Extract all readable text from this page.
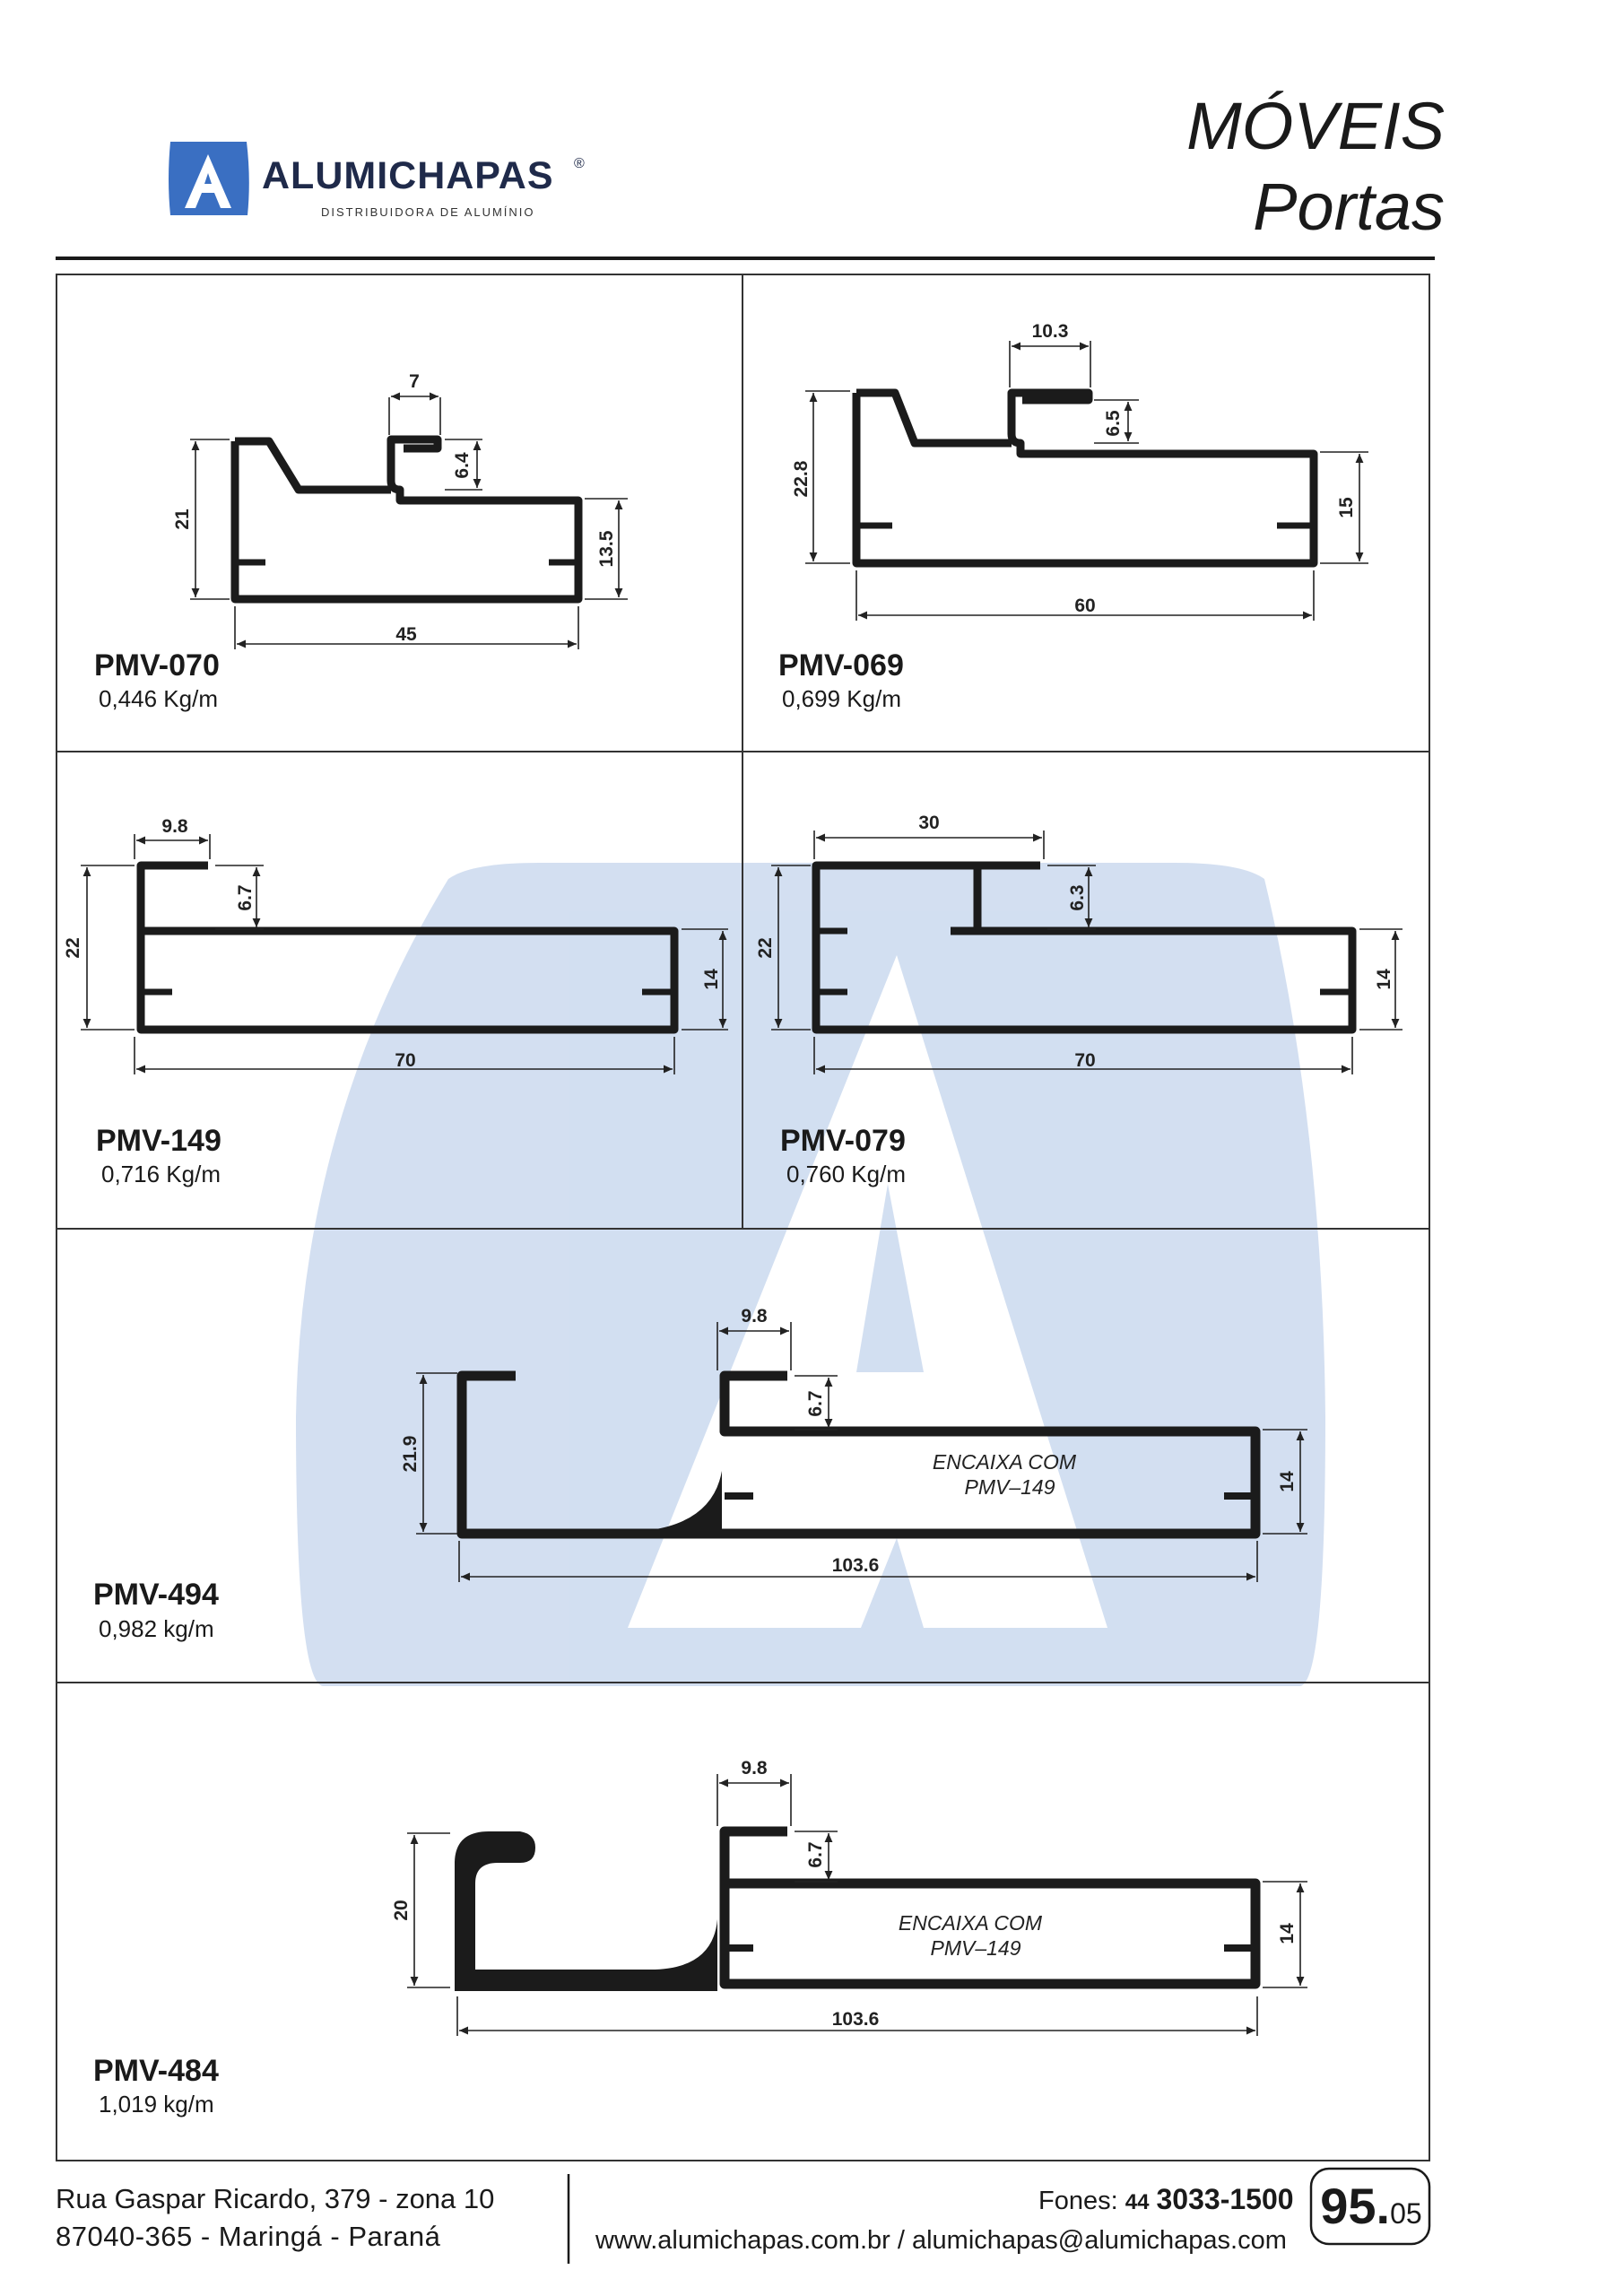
7
6.4
21
13.5
45
10.3
6.5
22.8
15
60
9.8
6.7
22
14
70
30
6.3
22
14
70
9.8
6.7
21.9
14
103.6
ENCAIXA COM
PMV–149
9.8
6.7
20
14
103.6
ENCAIXA COM
PMV–149
ALUMICHAPAS ®
DISTRIBUIDORA DE ALUMÍNIO
MÓVEIS
Portas
PMV-070
0,446 Kg/m
PMV-069
0,699 Kg/m
PMV-149
0,716 Kg/m
PMV-079
0,760 Kg/m
PMV-494
0,982 kg/m
PMV-484
1,019 kg/m
Rua Gaspar Ricardo, 379 - zona 10
87040-365 - Maringá - Paraná
Fones: 44 3033-1500
www.alumichapas.com.br / alumichapas@alumichapas.com
95.05
